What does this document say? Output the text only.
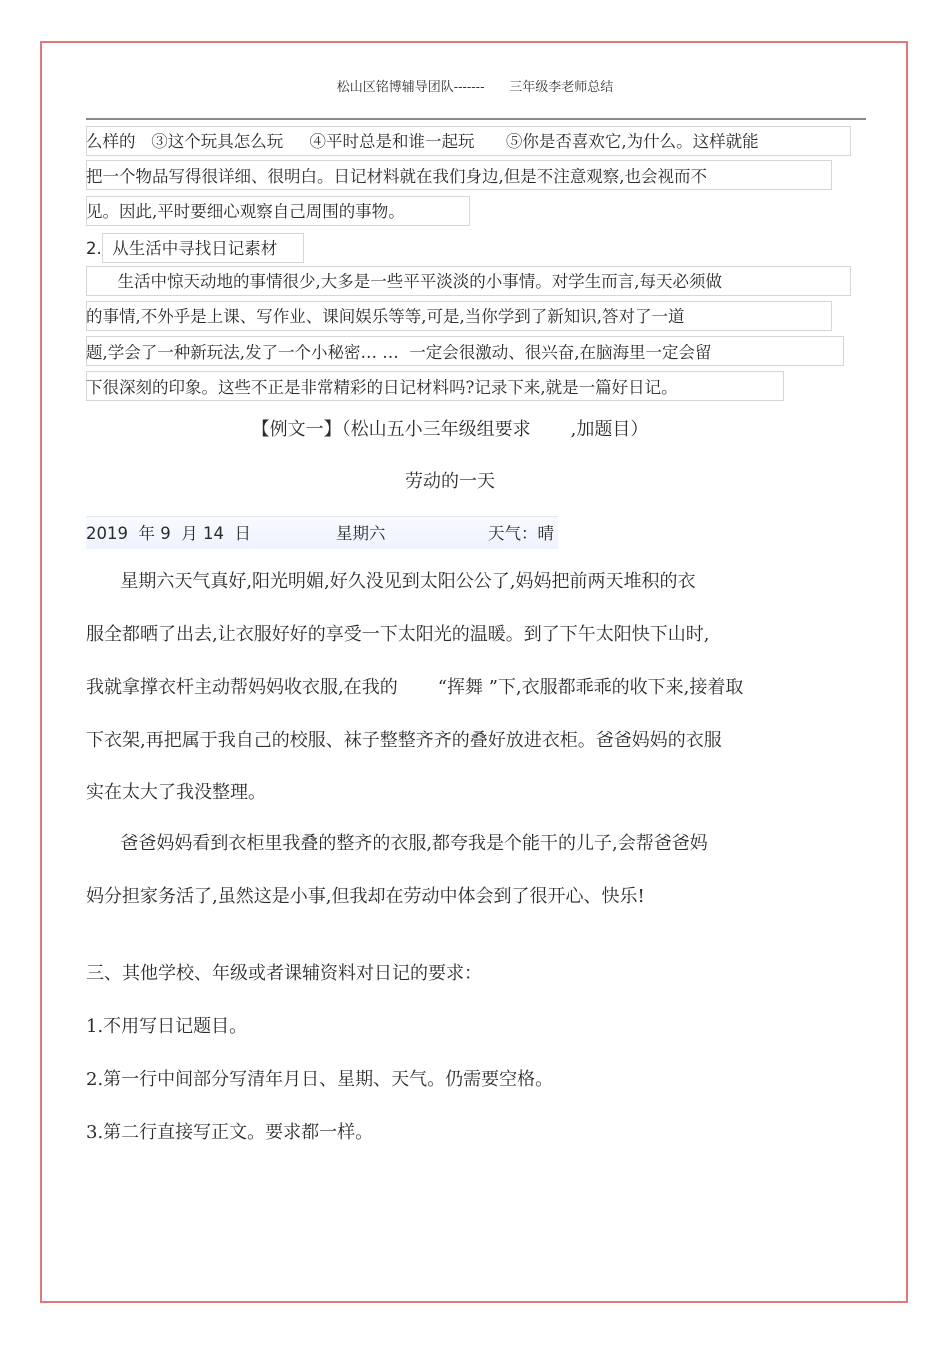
松山区铭博辅导团队-------      三年级李老师总结
么样的   ③这个玩具怎么玩     ④平时总是和谁一起玩      ⑤你是否喜欢它,为什么。这样就能
把一个物品写得很详细、很明白。日记材料就在我们身边,但是不注意观察,也会视而不
见。因此,平时要细心观察自己周围的事物。
2.  从生活中寻找日记素材
生活中惊天动地的事情很少,大多是一些平平淡淡的小事情。对学生而言,每天必须做
的事情,不外乎是上课、写作业、课间娱乐等等,可是,当你学到了新知识,答对了一道
题,学会了一种新玩法,发了一个小秘密… …  一定会很激动、很兴奋,在脑海里一定会留
下很深刻的印象。这些不正是非常精彩的日记材料吗?记录下来,就是一篇好日记。
【例文一】（松山五小三年级组要求       ,加题目）
劳动的一天
2019  年 9  月 14  日	星期六	天气：晴
星期六天气真好,阳光明媚,好久没见到太阳公公了,妈妈把前两天堆积的衣
服全都晒了出去,让衣服好好的享受一下太阳光的温暖。到了下午太阳快下山时,
我就拿撑衣杆主动帮妈妈收衣服,在我的       “挥舞 ”下,衣服都乖乖的收下来,接着取
下衣架,再把属于我自己的校服、袜子整整齐齐的叠好放进衣柜。爸爸妈妈的衣服
实在太大了我没整理。
爸爸妈妈看到衣柜里我叠的整齐的衣服,都夸我是个能干的儿子,会帮爸爸妈
妈分担家务活了,虽然这是小事,但我却在劳动中体会到了很开心、快乐!
三、其他学校、年级或者课辅资料对日记的要求：
1.不用写日记题目。
2.第一行中间部分写清年月日、星期、天气。仍需要空格。
3.第二行直接写正文。要求都一样。
